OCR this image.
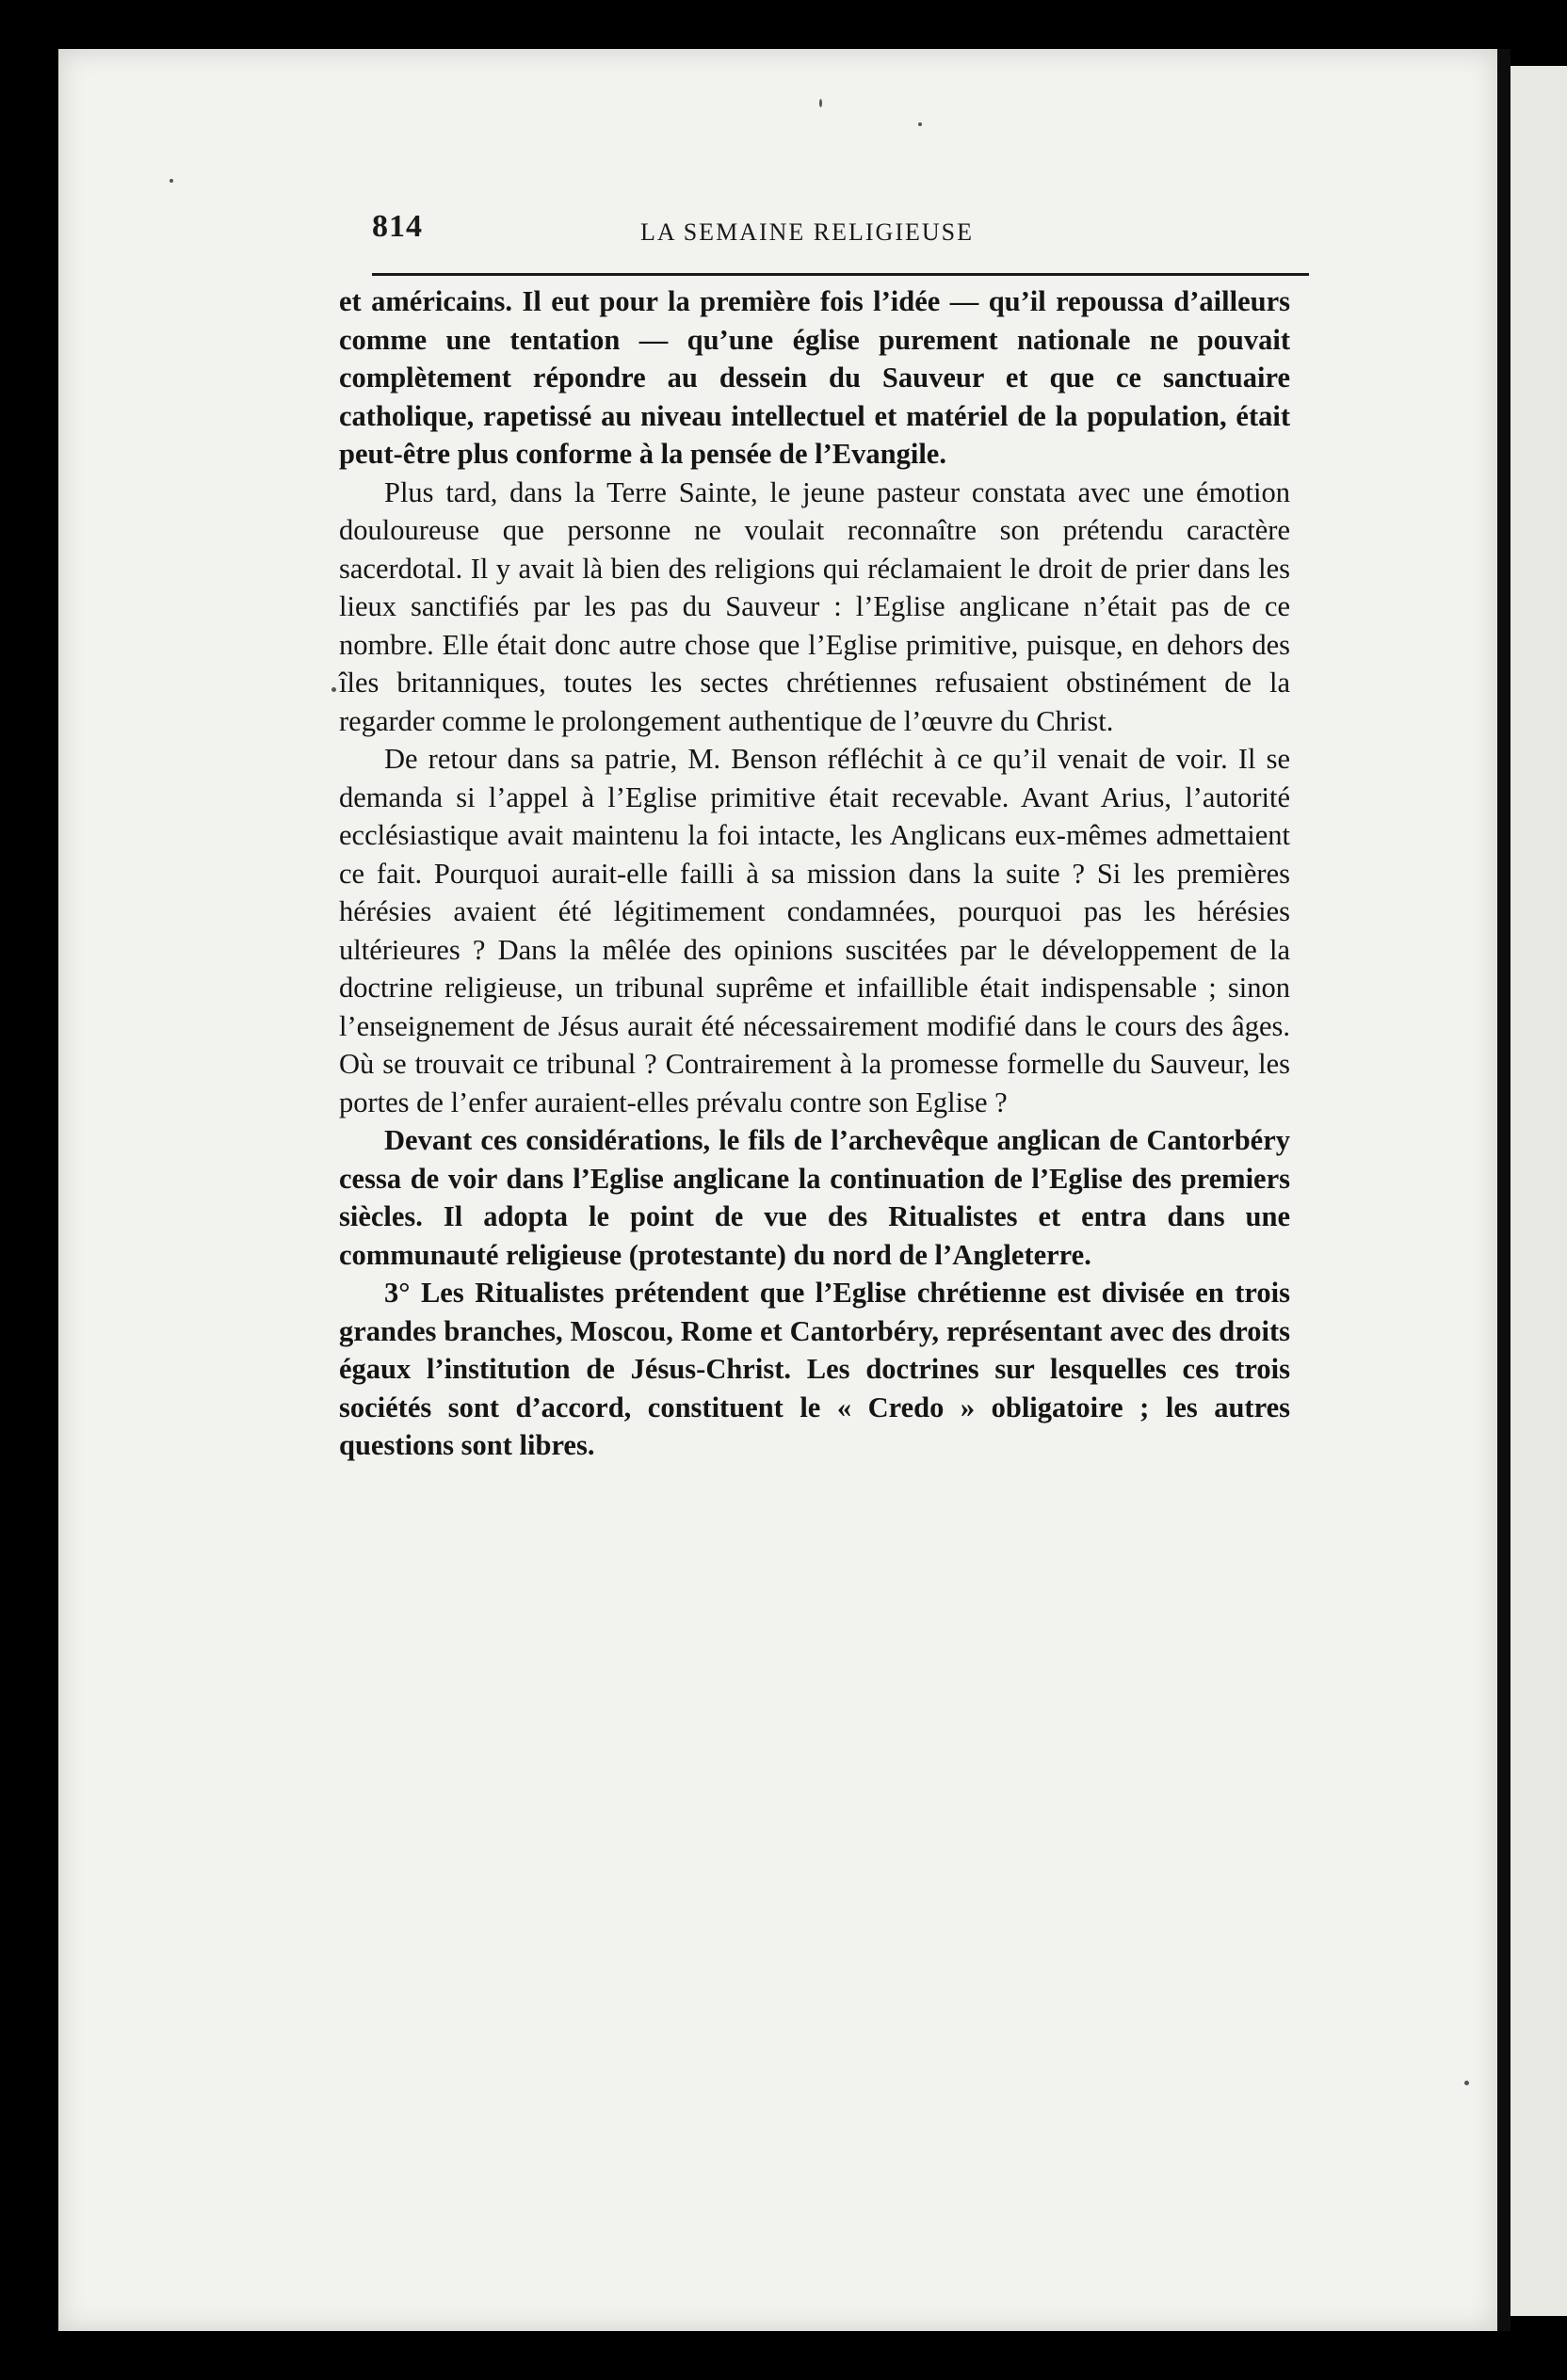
814	LA SEMAINE RELIGIEUSE

et américains. Il eut pour la première fois l’idée — qu’il repoussa d’ailleurs comme une tentation — qu’une église purement nationale ne pouvait complètement répondre au dessein du Sauveur et que ce sanctuaire catholique, rapetissé au niveau intellectuel et matériel de la population, était peut-être plus conforme à la pensée de l’Evangile.

Plus tard, dans la Terre Sainte, le jeune pasteur constata avec une émotion douloureuse que personne ne voulait reconnaître son prétendu caractère sacerdotal. Il y avait là bien des religions qui réclamaient le droit de prier dans les lieux sanctifiés par les pas du Sauveur : l’Eglise anglicane n’était pas de ce nombre. Elle était donc autre chose que l’Eglise primitive, puisque, en dehors des îles britanniques, toutes les sectes chrétiennes refusaient obstinément de la regarder comme le prolongement authentique de l’œuvre du Christ.

De retour dans sa patrie, M. Benson réfléchit à ce qu’il venait de voir. Il se demanda si l’appel à l’Eglise primitive était recevable. Avant Arius, l’autorité ecclésiastique avait maintenu la foi intacte, les Anglicans eux-mêmes admettaient ce fait. Pourquoi aurait-elle failli à sa mission dans la suite ? Si les premières hérésies avaient été légitimement condamnées, pourquoi pas les hérésies ultérieures ? Dans la mêlée des opinions suscitées par le développement de la doctrine religieuse, un tribunal suprême et infaillible était indispensable ; sinon l’enseignement de Jésus aurait été nécessairement modifié dans le cours des âges. Où se trouvait ce tribunal ? Contrairement à la promesse formelle du Sauveur, les portes de l’enfer auraient-elles prévalu contre son Eglise ?

Devant ces considérations, le fils de l’archevêque anglican de Cantorbéry cessa de voir dans l’Eglise anglicane la continuation de l’Eglise des premiers siècles. Il adopta le point de vue des Ritualistes et entra dans une communauté religieuse (protestante) du nord de l’Angleterre.

3° Les Ritualistes prétendent que l’Eglise chrétienne est divisée en trois grandes branches, Moscou, Rome et Cantorbéry, représentant avec des droits égaux l’institution de Jésus-Christ. Les doctrines sur lesquelles ces trois sociétés sont d’accord, constituent le « Credo » obligatoire ; les autres questions sont libres.
